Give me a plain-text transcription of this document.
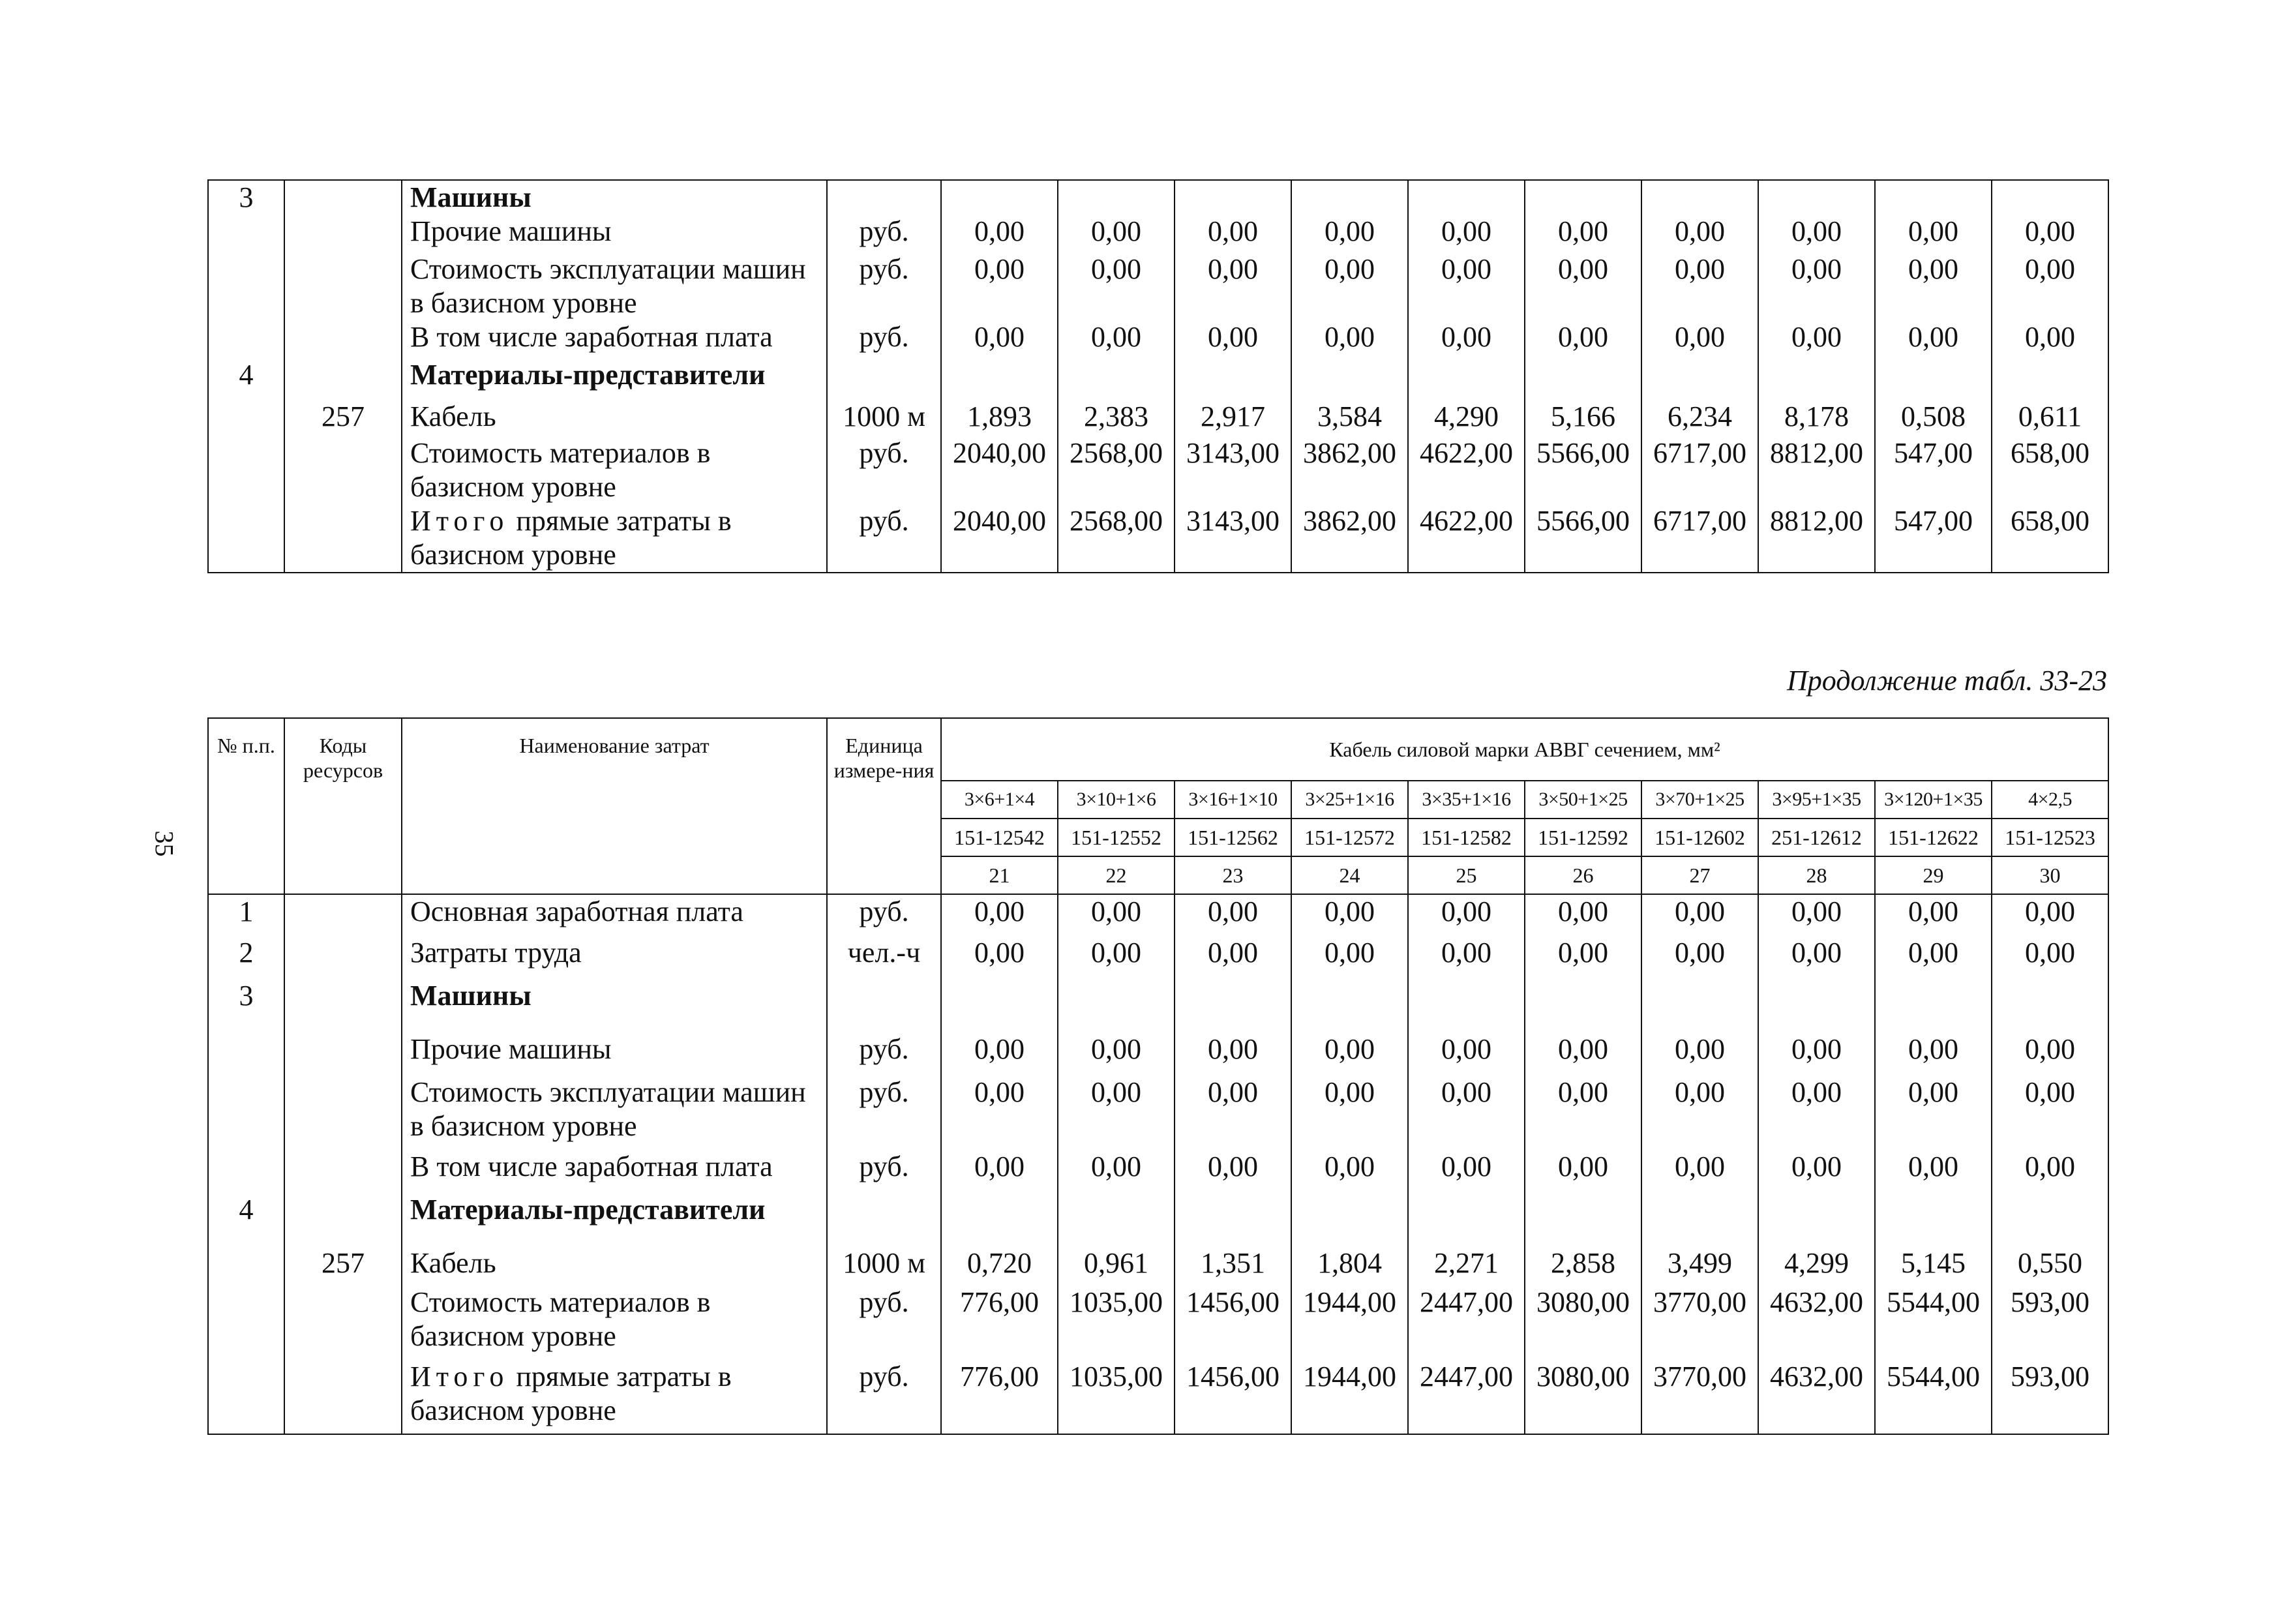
35
3		Машины											
		Прочие машины	руб.	0,00	0,00	0,00	0,00	0,00	0,00	0,00	0,00	0,00	0,00
		Стоимость эксплуатации машин в базисном уровне	руб.	0,00	0,00	0,00	0,00	0,00	0,00	0,00	0,00	0,00	0,00
		В том числе заработная плата	руб.	0,00	0,00	0,00	0,00	0,00	0,00	0,00	0,00	0,00	0,00
4		Материалы-представители											
	257	Кабель	1000 м	1,893	2,383	2,917	3,584	4,290	5,166	6,234	8,178	0,508	0,611
		Стоимость материалов в базисном уровне	руб.	2040,00	2568,00	3143,00	3862,00	4622,00	5566,00	6717,00	8812,00	547,00	658,00
		Итого прямые затраты в базисном уровне	руб.	2040,00	2568,00	3143,00	3862,00	4622,00	5566,00	6717,00	8812,00	547,00	658,00
Продолжение табл. 33-23
№ п.п.	Коды ресурсов	Наименование затрат	Единица измере-ния	Кабель силовой марки АВВГ сечением, мм²									
				3×6+1×4	3×10+1×6	3×16+1×10	3×25+1×16	3×35+1×16	3×50+1×25	3×70+1×25	3×95+1×35	3×120+1×35	4×2,5
				151-12542	151-12552	151-12562	151-12572	151-12582	151-12592	151-12602	251-12612	151-12622	151-12523
				21	22	23	24	25	26	27	28	29	30
1		Основная заработная плата	руб.	0,00	0,00	0,00	0,00	0,00	0,00	0,00	0,00	0,00	0,00
2		Затраты труда	чел.-ч	0,00	0,00	0,00	0,00	0,00	0,00	0,00	0,00	0,00	0,00
3		Машины											
		Прочие машины	руб.	0,00	0,00	0,00	0,00	0,00	0,00	0,00	0,00	0,00	0,00
		Стоимость эксплуатации машин в базисном уровне	руб.	0,00	0,00	0,00	0,00	0,00	0,00	0,00	0,00	0,00	0,00
		В том числе заработная плата	руб.	0,00	0,00	0,00	0,00	0,00	0,00	0,00	0,00	0,00	0,00
4		Материалы-представители											
	257	Кабель	1000 м	0,720	0,961	1,351	1,804	2,271	2,858	3,499	4,299	5,145	0,550
		Стоимость материалов в базисном уровне	руб.	776,00	1035,00	1456,00	1944,00	2447,00	3080,00	3770,00	4632,00	5544,00	593,00
		Итого прямые затраты в базисном уровне	руб.	776,00	1035,00	1456,00	1944,00	2447,00	3080,00	3770,00	4632,00	5544,00	593,00
